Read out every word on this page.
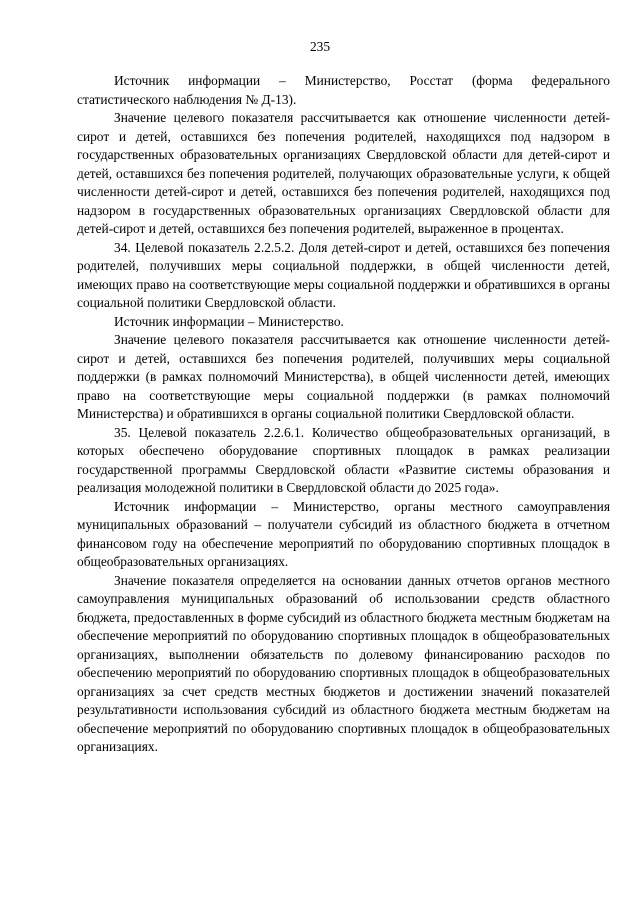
235

Источник информации – Министерство, Росстат (форма федерального статистического наблюдения № Д-13).

Значение целевого показателя рассчитывается как отношение численности детей-сирот и детей, оставшихся без попечения родителей, находящихся под надзором в государственных образовательных организациях Свердловской области для детей-сирот и детей, оставшихся без попечения родителей, получающих образовательные услуги, к общей численности детей-сирот и детей, оставшихся без попечения родителей, находящихся под надзором в государственных образовательных организациях Свердловской области для детей-сирот и детей, оставшихся без попечения родителей, выраженное в процентах.

34. Целевой показатель 2.2.5.2. Доля детей-сирот и детей, оставшихся без попечения родителей, получивших меры социальной поддержки, в общей численности детей, имеющих право на соответствующие меры социальной поддержки и обратившихся в органы социальной политики Свердловской области.

Источник информации – Министерство.

Значение целевого показателя рассчитывается как отношение численности детей-сирот и детей, оставшихся без попечения родителей, получивших меры социальной поддержки (в рамках полномочий Министерства), в общей численности детей, имеющих право на соответствующие меры социальной поддержки (в рамках полномочий Министерства) и обратившихся в органы социальной политики Свердловской области.

35. Целевой показатель 2.2.6.1. Количество общеобразовательных организаций, в которых обеспечено оборудование спортивных площадок в рамках реализации государственной программы Свердловской области «Развитие системы образования и реализация молодежной политики в Свердловской области до 2025 года».

Источник информации – Министерство, органы местного самоуправления муниципальных образований – получатели субсидий из областного бюджета в отчетном финансовом году на обеспечение мероприятий по оборудованию спортивных площадок в общеобразовательных организациях.

Значение показателя определяется на основании данных отчетов органов местного самоуправления муниципальных образований об использовании средств областного бюджета, предоставленных в форме субсидий из областного бюджета местным бюджетам на обеспечение мероприятий по оборудованию спортивных площадок в общеобразовательных организациях, выполнении обязательств по долевому финансированию расходов по обеспечению мероприятий по оборудованию спортивных площадок в общеобразовательных организациях за счет средств местных бюджетов и достижении значений показателей результативности использования субсидий из областного бюджета местным бюджетам на обеспечение мероприятий по оборудованию спортивных площадок в общеобразовательных организациях.
